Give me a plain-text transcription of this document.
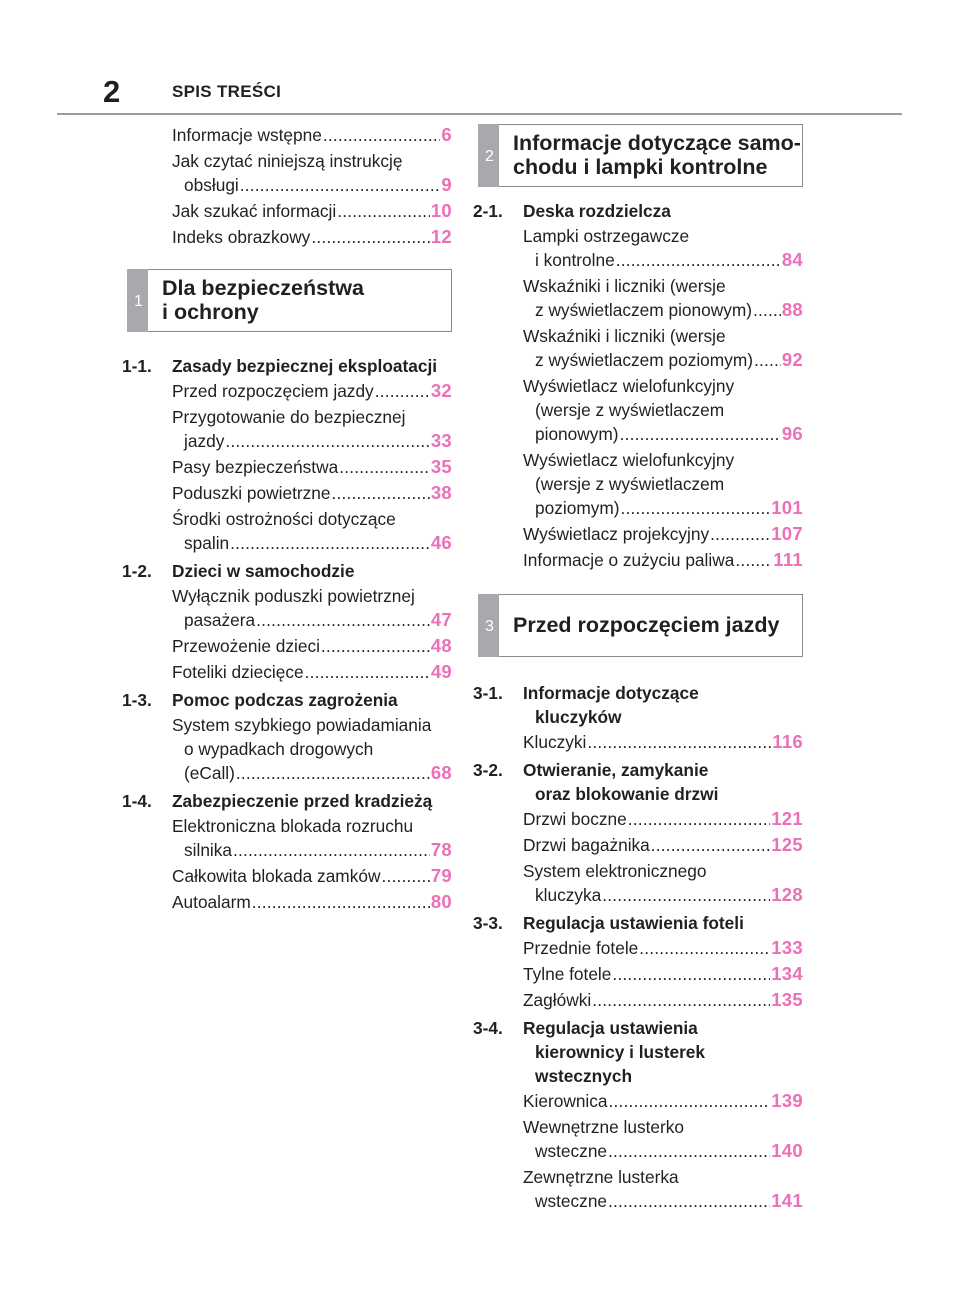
2	SPIS TREŚCI
Informacje wstępne .....	6
Jak czytać niniejszą instrukcję
obsługi .....	9
Jak szukać informacji .....	10
Indeks obrazkowy .....	12
1
Dla bezpieczeństwa
i ochrony
1-1.	Zasady bezpiecznej eksploatacji
Przed rozpoczęciem jazdy .....	32
Przygotowanie do bezpiecznej
jazdy .....	33
Pasy bezpieczeństwa .....	35
Poduszki powietrzne .....	38
Środki ostrożności dotyczące
spalin .....	46
1-2.	Dzieci w samochodzie
Wyłącznik poduszki powietrznej
pasażera .....	47
Przewożenie dzieci .....	48
Foteliki dziecięce .....	49
1-3.	Pomoc podczas zagrożenia
System szybkiego powiadamiania
o wypadkach drogowych
(eCall) .....	68
1-4.	Zabezpieczenie przed kradzieżą
Elektroniczna blokada rozruchu
silnika .....	78
Całkowita blokada zamków .....	79
Autoalarm .....	80
2
Informacje dotyczące samo-
chodu i lampki kontrolne
2-1.	Deska rozdzielcza
Lampki ostrzegawcze
i kontrolne .....	84
Wskaźniki i liczniki (wersje
z wyświetlaczem pionowym) ..... 88
Wskaźniki i liczniki (wersje
z wyświetlaczem poziomym) ..... 92
Wyświetlacz wielofunkcyjny
(wersje z wyświetlaczem
pionowym) .....	96
Wyświetlacz wielofunkcyjny
(wersje z wyświetlaczem
poziomym) .....	101
Wyświetlacz projekcyjny .....	107
Informacje o zużyciu paliwa ..... 111
3 Przed rozpoczęciem jazdy
3-1.	Informacje dotyczące
kluczyków
Kluczyki .....	116
3-2.	Otwieranie, zamykanie
oraz blokowanie drzwi
Drzwi boczne .....	121
Drzwi bagażnika .....	125
System elektronicznego
kluczyka .....	128
3-3.	Regulacja ustawienia foteli
Przednie fotele .....	133
Tylne fotele .....	134
Zagłówki .....	135
3-4.	Regulacja ustawienia
kierownicy i lusterek
wstecznych
Kierownica .....	139
Wewnętrzne lusterko
wsteczne .....	140
Zewnętrzne lusterka
wsteczne .....	141
